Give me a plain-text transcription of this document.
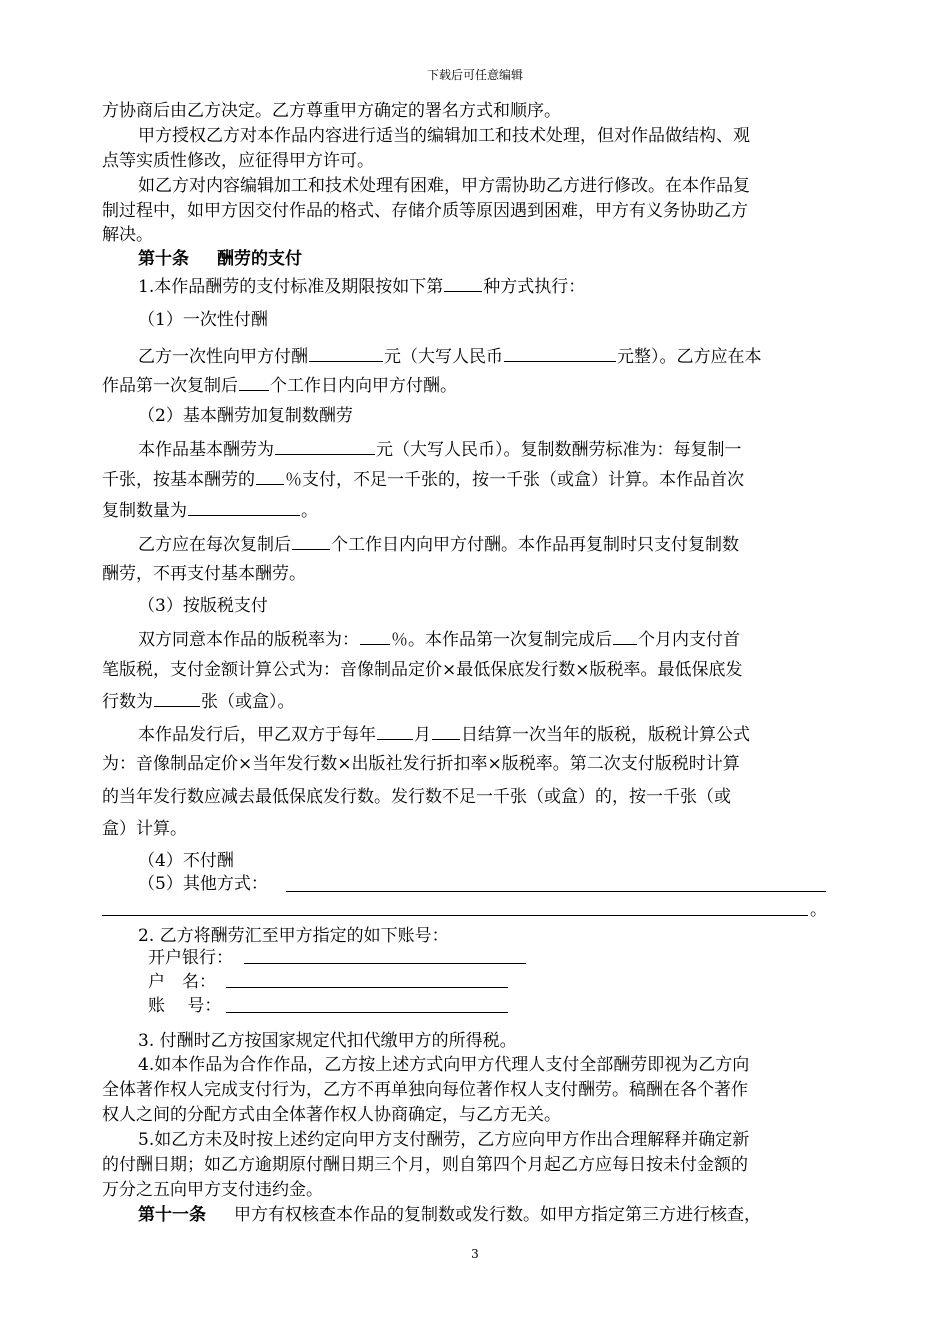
下载后可任意编辑
方协商后由乙方决定。乙方尊重甲方确定的署名方式和顺序。
甲方授权乙方对本作品内容进行适当的编辑加工和技术处理，但对作品做结构、观
点等实质性修改，应征得甲方许可。
如乙方对内容编辑加工和技术处理有困难，甲方需协助乙方进行修改。在本作品复
制过程中，如甲方因交付作品的格式、存储介质等原因遇到困难，甲方有义务协助乙方
解决。
第十条 酬劳的支付
1.本作品酬劳的支付标准及期限按如下第 种方式执行：
（1）一次性付酬
乙方一次性向甲方付酬	元（大写人民币	元整）。乙方应在本
作品第一次复制后 个工作日内向甲方付酬。
（2）基本酬劳加复制数酬劳
本作品基本酬劳为	元（大写人民币）。复制数酬劳标准为：每复制一
千张，按基本酬劳的 ％支付，不足一千张的，按一千张（或盒）计算。本作品首次
复制数量为	。
乙方应在每次复制后 个工作日内向甲方付酬。本作品再复制时只支付复制数
酬劳，不再支付基本酬劳。
（3）按版税支付
双方同意本作品的版税率为： ％。本作品第一次复制完成后 个月内支付首
笔版税，支付金额计算公式为：音像制品定价×最低保底发行数×版税率。最低保底发
行数为	张（或盒）。
本作品发行后，甲乙双方于每年 月 日结算一次当年的版税，版税计算公式
为：音像制品定价×当年发行数×出版社发行折扣率×版税率。第二次支付版税时计算
的当年发行数应减去最低保底发行数。发行数不足一千张（或盒）的，按一千张（或
盒）计算。
（4）不付酬
（5）其他方式：
。
2. 乙方将酬劳汇至甲方指定的如下账号：
开户银行：
户　名：
账　 号：
3. 付酬时乙方按国家规定代扣代缴甲方的所得税。
4.如本作品为合作作品，乙方按上述方式向甲方代理人支付全部酬劳即视为乙方向
全体著作权人完成支付行为，乙方不再单独向每位著作权人支付酬劳。稿酬在各个著作
权人之间的分配方式由全体著作权人协商确定，与乙方无关。
5.如乙方未及时按上述约定向甲方支付酬劳，乙方应向甲方作出合理解释并确定新
的付酬日期；如乙方逾期原付酬日期三个月，则自第四个月起乙方应每日按未付金额的
万分之五向甲方支付违约金。
第十一条 甲方有权核查本作品的复制数或发行数。如甲方指定第三方进行核查，
3
